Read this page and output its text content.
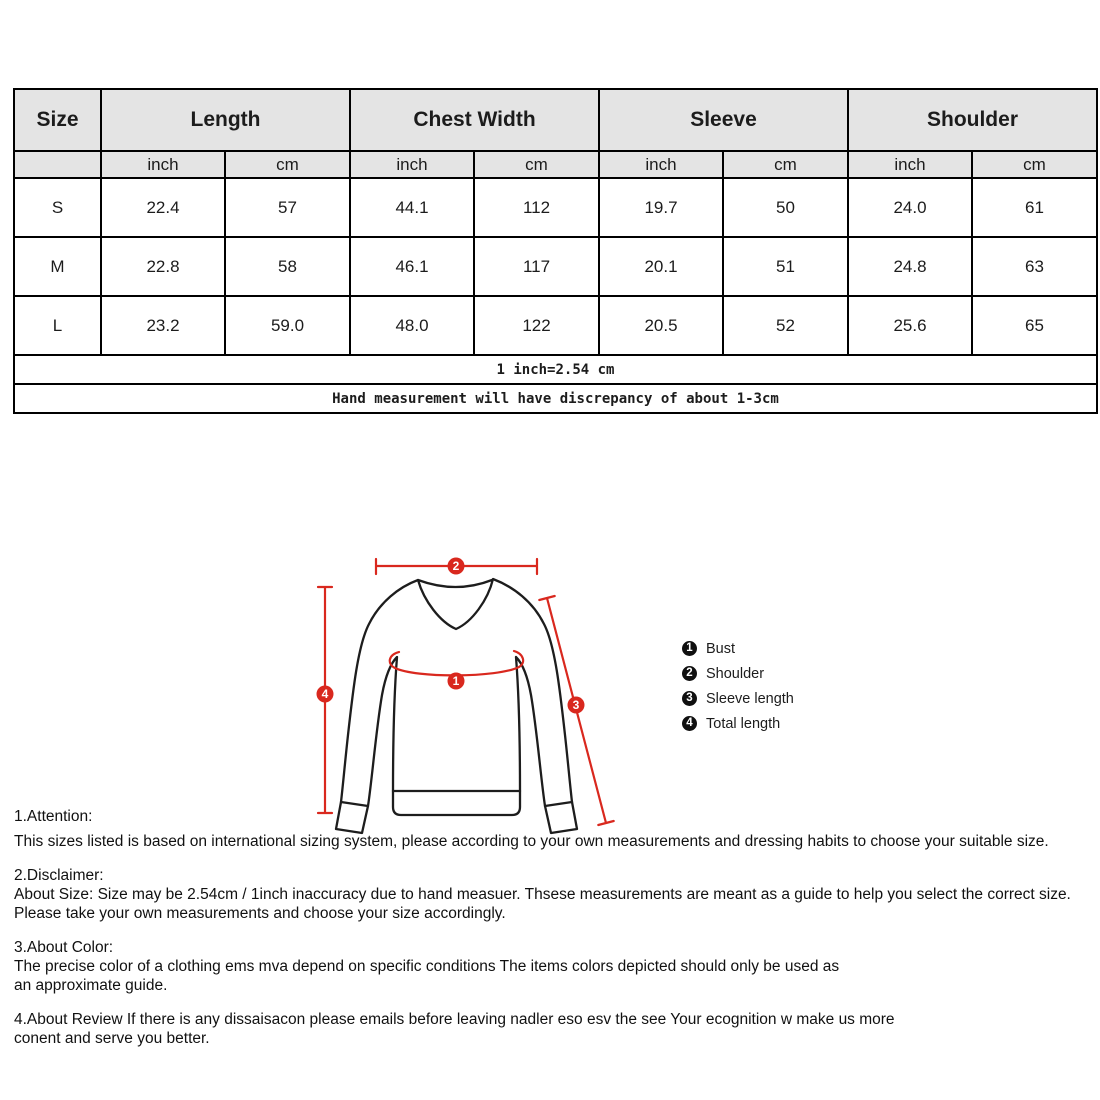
Size	Length		Chest Width		Sleeve		Shoulder	
	inch	cm	inch	cm	inch	cm	inch	cm
S	22.4	57	44.1	112	19.7	50	24.0	61
M	22.8	58	46.1	117	20.1	51	24.8	63
L	23.2	59.0	48.0	122	20.5	52	25.6	65
1 inch=2.54 cm								
Hand measurement will have discrepancy of about 1-3cm								
2
4
3
1
1 Bust
2 Shoulder
3 Sleeve length
4 Total length
1.Attention:
This sizes listed is based on international sizing system, please according to your own measurements and dressing habits to choose your suitable size.
2.Disclaimer:
About Size: Size may be 2.54cm / 1inch inaccuracy due to hand measuer. Thsese measurements are meant as a guide to help you select the correct size.
Please take your own measurements and choose your size accordingly.
3.About Color:
The precise color of a clothing ems mva depend on specific conditions The items colors depicted should only be used as
an approximate guide.
4.About Review If there is any dissaisacon please emails before leaving nadler eso esv the see Your ecognition w make us more
conent and serve you better.
